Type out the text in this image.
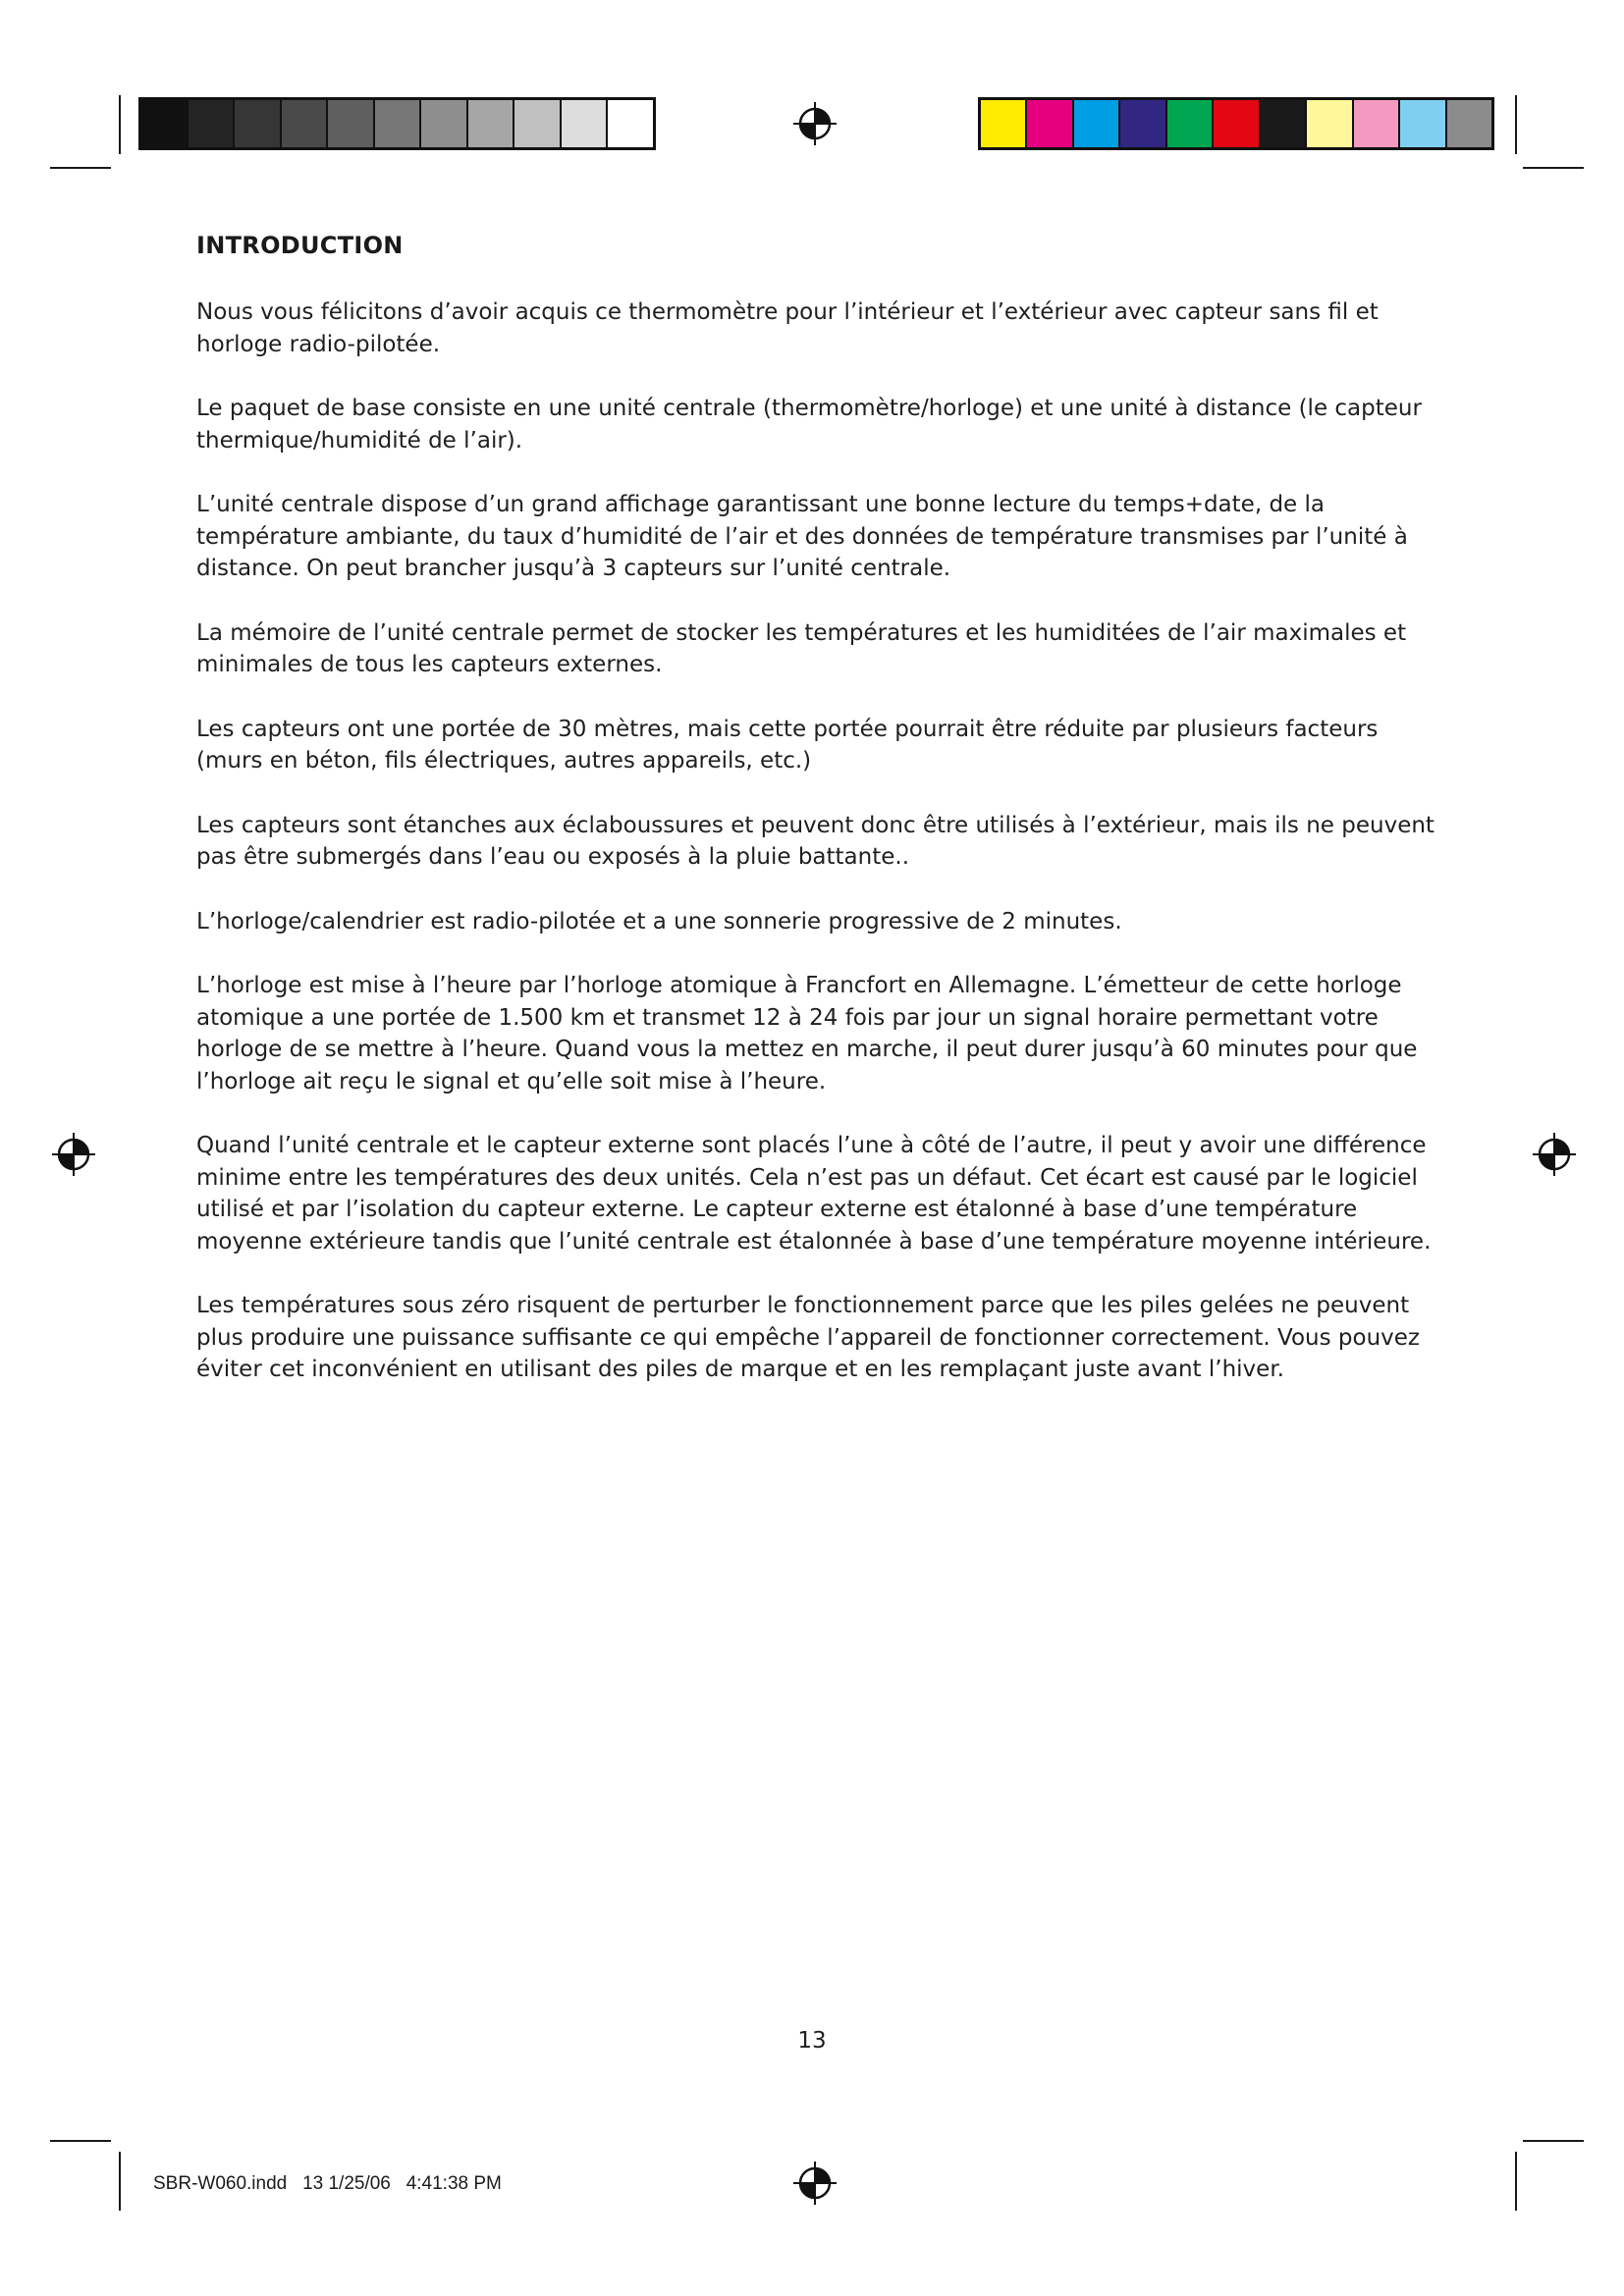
INTRODUCTION

Nous vous félicitons d’avoir acquis ce thermomètre pour l’intérieur et l’extérieur avec capteur sans fil et horloge radio-pilotée.

Le paquet de base consiste en une unité centrale (thermomètre/horloge) et une unité à distance (le capteur thermique/humidité de l’air).

L’unité centrale dispose d’un grand affichage garantissant une bonne lecture du temps+date, de la température ambiante, du taux d’humidité de l’air et des données de température transmises par l’unité à distance. On peut brancher jusqu’à 3 capteurs sur l’unité centrale.

La mémoire de l’unité centrale permet de stocker les températures et les humiditées de l’air maximales et minimales de tous les capteurs externes.

Les capteurs ont une portée de 30 mètres, mais cette portée pourrait être réduite par plusieurs facteurs (murs en béton, fils électriques, autres appareils, etc.)

Les capteurs sont étanches aux éclaboussures et peuvent donc être utilisés à l’extérieur, mais ils ne peuvent pas être submergés dans l’eau ou exposés à la pluie battante..

L’horloge/calendrier est radio-pilotée et a une sonnerie progressive de 2 minutes.

L’horloge est mise à l’heure par l’horloge atomique à Francfort en Allemagne. L’émetteur de cette horloge atomique a une portée de 1.500 km et transmet 12 à 24 fois par jour un signal horaire permettant votre horloge de se mettre à l’heure. Quand vous la mettez en marche, il peut durer jusqu’à 60 minutes pour que l’horloge ait reçu le signal et qu’elle soit mise à l’heure.

Quand l’unité centrale et le capteur externe sont placés l’une à côté de l’autre, il peut y avoir une différence minime entre les températures des deux unités. Cela n’est pas un défaut. Cet écart est causé par le logiciel utilisé et par l’isolation du capteur externe. Le capteur externe est étalonné à base d’une température moyenne extérieure tandis que l’unité centrale est étalonnée à base d’une température moyenne intérieure.

Les températures sous zéro risquent de perturber le fonctionnement parce que les piles gelées ne peuvent plus produire une puissance suffisante ce qui empêche l’appareil de fonctionner correctement. Vous pouvez éviter cet inconvénient en utilisant des piles de marque et en les remplaçant juste avant l’hiver.

13
SBR-W060.indd   13 1/25/06   4:41:38 PM
